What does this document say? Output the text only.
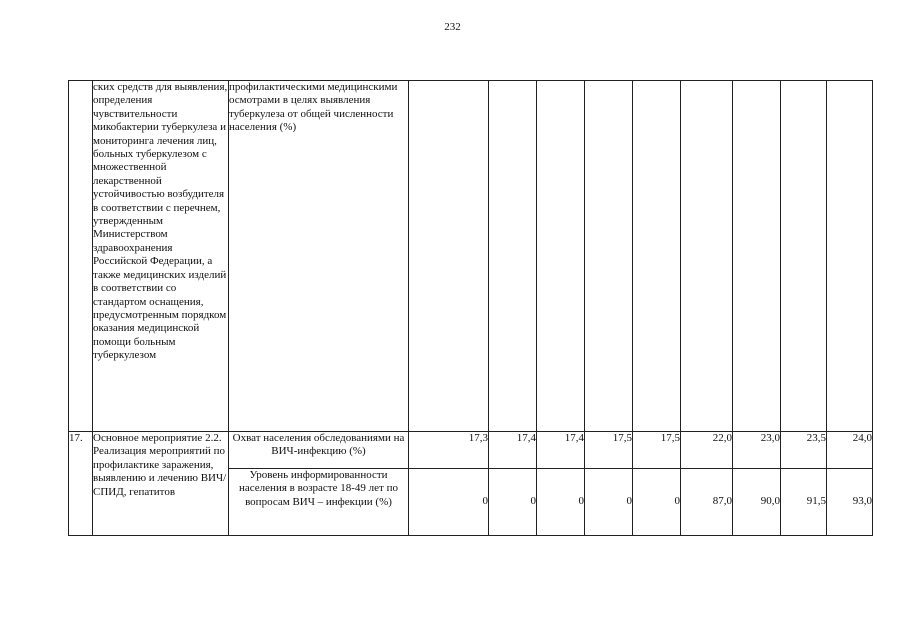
232
	ских средств для выявления, определения чувствительности микобактерии туберкулеза и мониторинга лечения лиц, больных туберкулезом с множественной лекарственной устойчивостью возбудителя в соответствии с перечнем, утвержденным Министерством здравоохранения Российской Федерации, а также медицинских изделий в соответствии со стандартом оснащения, предусмотренным порядком оказания медицинской помощи больным туберкулезом	профилактическими медицинскими осмотрами в целях выявления туберкулеза от общей численности населения (%)									
17.	Основное мероприятие 2.2. Реализация мероприятий по профилактике заражения, выявлению и лечению ВИЧ/СПИД, гепатитов	Охват населения обследованиями на ВИЧ-инфекцию (%)	17,3	17,4	17,4	17,5	17,5	22,0	23,0	23,5	24,0
		Уровень информированности населения в возрасте 18-49 лет по вопросам ВИЧ – инфекции (%)	0	0	0	0	0	87,0	90,0	91,5	93,0
